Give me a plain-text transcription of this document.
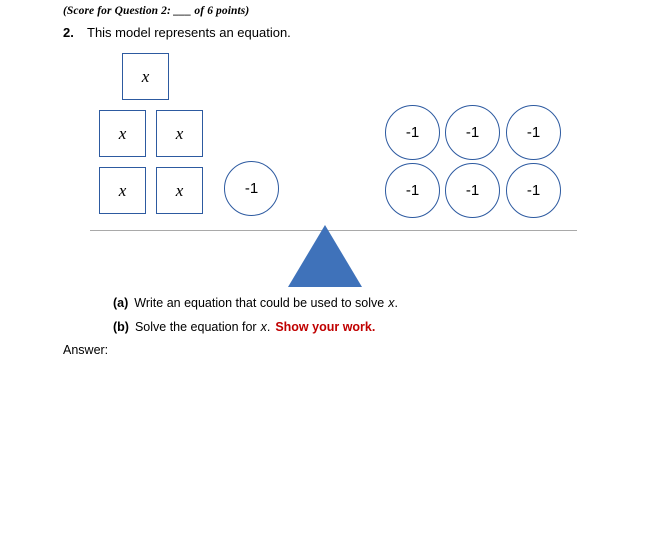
(Score for Question 2: ___ of 6 points)
2.	This model represents an equation.
x
x	x
x	x	-1
-1	-1	-1
-1	-1	-1
(a) Write an equation that could be used to solve x .
(b) Solve the equation for x . Show your work.
Answer:
